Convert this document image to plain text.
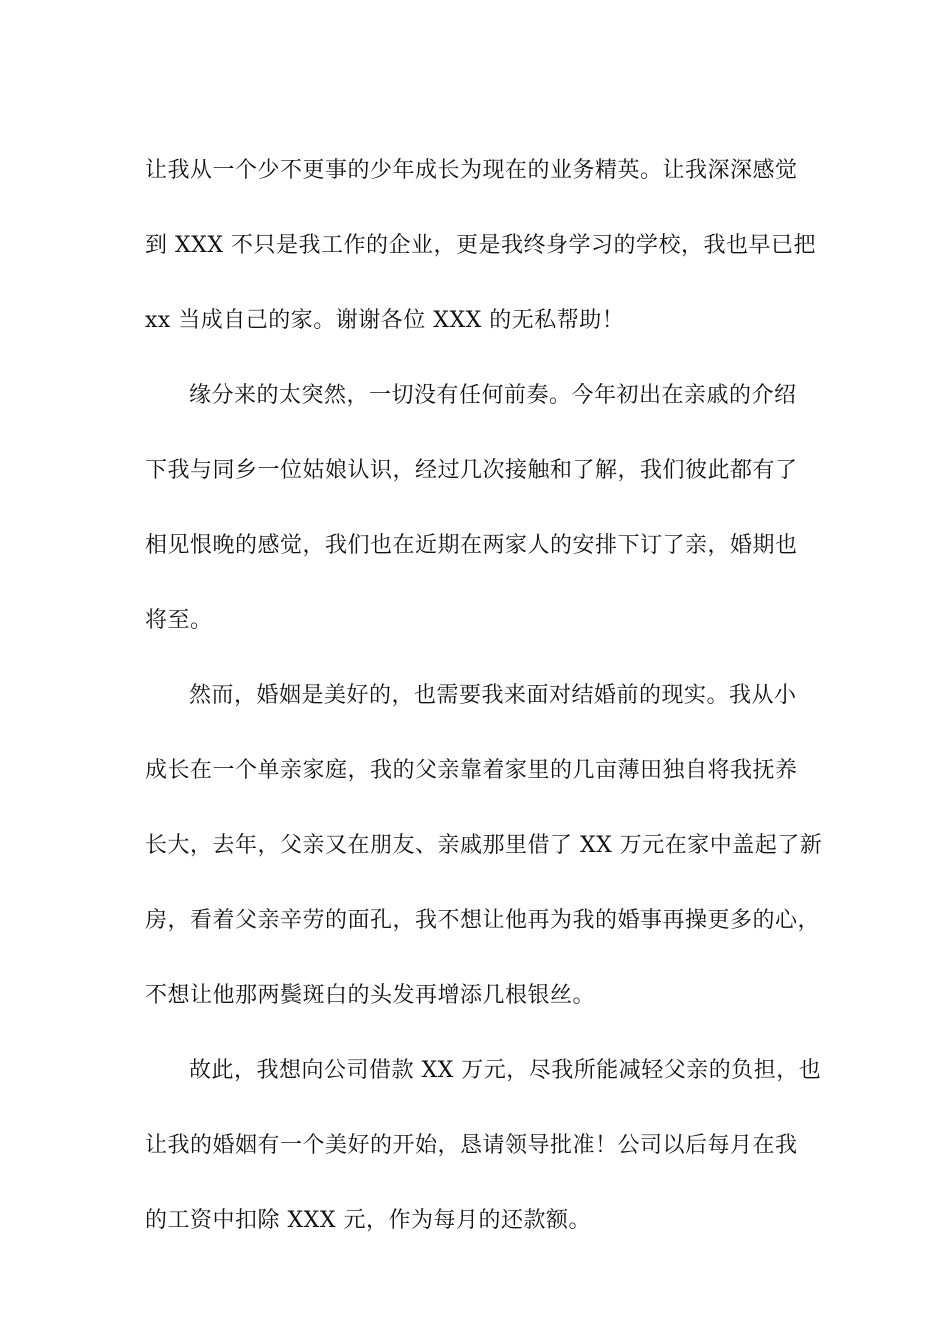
让我从一个少不更事的少年成长为现在的业务精英。让我深深感觉
到 XXX 不只是我工作的企业，更是我终身学习的学校，我也早已把
xx 当成自己的家。谢谢各位 XXX 的无私帮助！
缘分来的太突然，一切没有任何前奏。今年初出在亲戚的介绍
下我与同乡一位姑娘认识，经过几次接触和了解，我们彼此都有了
相见恨晚的感觉，我们也在近期在两家人的安排下订了亲，婚期也
将至。
然而，婚姻是美好的，也需要我来面对结婚前的现实。我从小
成长在一个单亲家庭，我的父亲靠着家里的几亩薄田独自将我抚养
长大，去年，父亲又在朋友、亲戚那里借了 XX 万元在家中盖起了新
房，看着父亲辛劳的面孔，我不想让他再为我的婚事再操更多的心，
不想让他那两鬓斑白的头发再增添几根银丝。
故此，我想向公司借款 XX 万元，尽我所能减轻父亲的负担，也
让我的婚姻有一个美好的开始，恳请领导批准！公司以后每月在我
的工资中扣除 XXX 元，作为每月的还款额。
